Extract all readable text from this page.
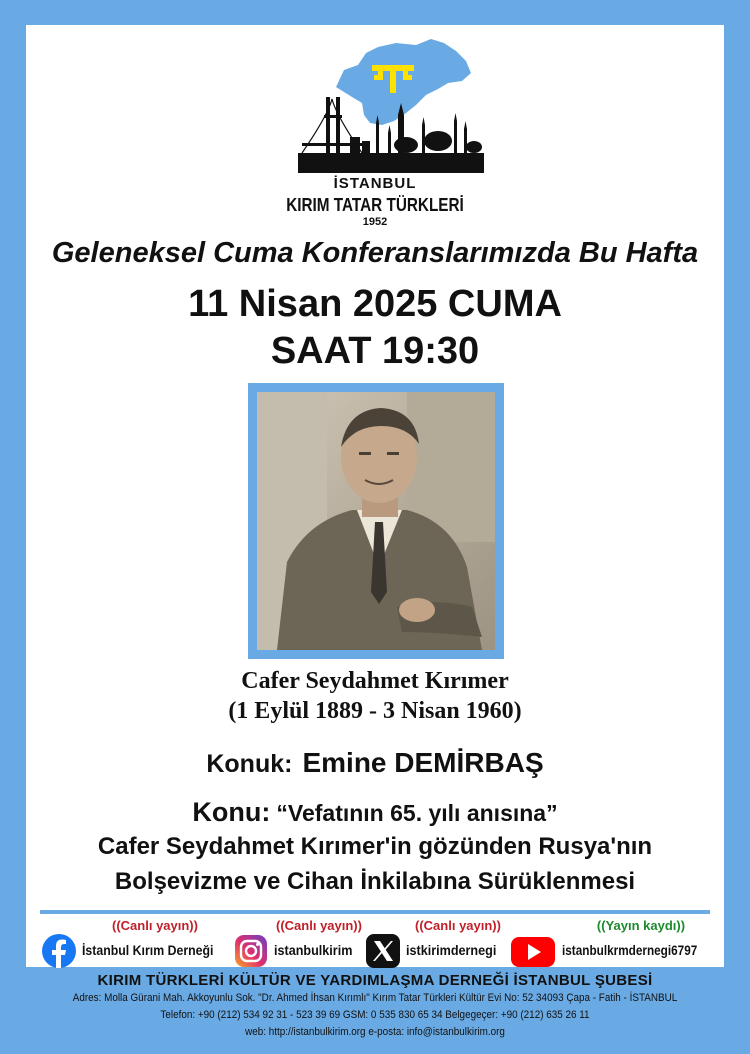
İSTANBUL
KIRIM TATAR TÜRKLERİ
1952
Geleneksel Cuma Konferanslarımızda Bu Hafta
11 Nisan 2025 CUMA
SAAT 19:30
Cafer Seydahmet Kırımer
(1 Eylül 1889 - 3 Nisan 1960)
Konuk: Emine DEMİRBAŞ
Konu: “Vefatının 65. yılı anısına”
Cafer Seydahmet Kırımer'in gözünden Rusya'nın
Bolşevizme ve Cihan İnkilabına Sürüklenmesi
((Canlı yayın))
İstanbul Kırım Derneği
((Canlı yayın))
istanbulkirim
((Canlı yayın))
istkirimdernegi
((Yayın kaydı))
istanbulkrmdernegi6797
KIRIM TÜRKLERİ KÜLTÜR VE YARDIMLAŞMA DERNEĞİ İSTANBUL ŞUBESİ
Adres: Molla Gürani Mah. Akkoyunlu Sok. "Dr. Ahmed İhsan Kırımlı" Kırım Tatar Türkleri Kültür Evi No: 52 34093 Çapa - Fatih - İSTANBUL
Telefon: +90 (212) 534 92 31 - 523 39 69 GSM: 0 535 830 65 34 Belgegeçer: +90 (212) 635 26 11
web: http://istanbulkirim.org e-posta: info@istanbulkirim.org
